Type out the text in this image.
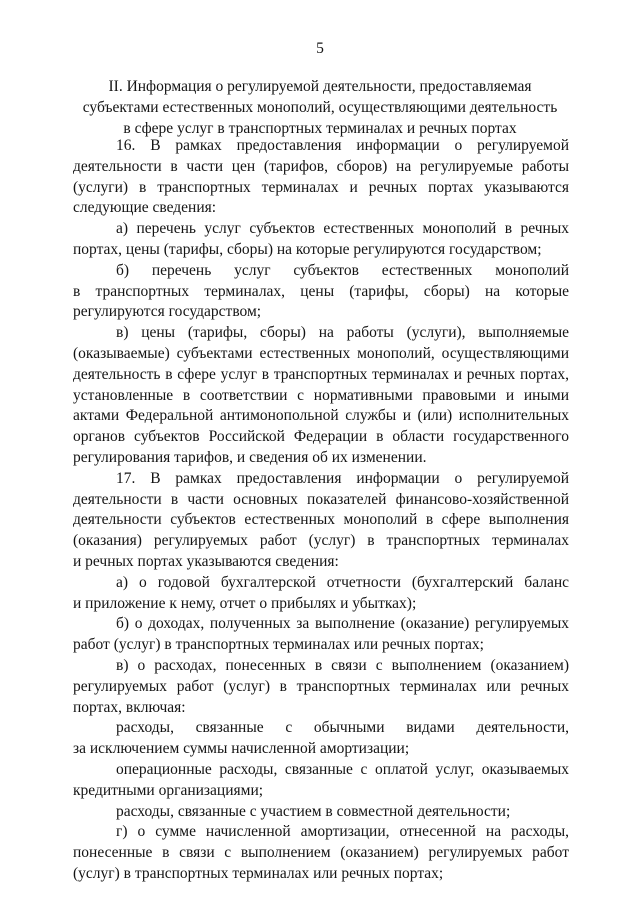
5
II. Информация о регулируемой деятельности, предоставляемая
субъектами естественных монополий, осуществляющими деятельность
в сфере услуг в транспортных терминалах и речных портах
16. В рамках предоставления информации о регулируемой
деятельности в части цен (тарифов, сборов) на регулируемые работы
(услуги) в транспортных терминалах и речных портах указываются
следующие сведения:
а) перечень услуг субъектов естественных монополий в речных
портах, цены (тарифы, сборы) на которые регулируются государством;
б) перечень услуг субъектов естественных монополий
в транспортных терминалах, цены (тарифы, сборы) на которые
регулируются государством;
в) цены (тарифы, сборы) на работы (услуги), выполняемые
(оказываемые) субъектами естественных монополий, осуществляющими
деятельность в сфере услуг в транспортных терминалах и речных портах,
установленные в соответствии с нормативными правовыми и иными
актами Федеральной антимонопольной службы и (или) исполнительных
органов субъектов Российской Федерации в области государственного
регулирования тарифов, и сведения об их изменении.
17. В рамках предоставления информации о регулируемой
деятельности в части основных показателей финансово-хозяйственной
деятельности субъектов естественных монополий в сфере выполнения
(оказания) регулируемых работ (услуг) в транспортных терминалах
и речных портах указываются сведения:
а) о годовой бухгалтерской отчетности (бухгалтерский баланс
и приложение к нему, отчет о прибылях и убытках);
б) о доходах, полученных за выполнение (оказание) регулируемых
работ (услуг) в транспортных терминалах или речных портах;
в) о расходах, понесенных в связи с выполнением (оказанием)
регулируемых работ (услуг) в транспортных терминалах или речных
портах, включая:
расходы, связанные с обычными видами деятельности,
за исключением суммы начисленной амортизации;
операционные расходы, связанные с оплатой услуг, оказываемых
кредитными организациями;
расходы, связанные с участием в совместной деятельности;
г) о сумме начисленной амортизации, отнесенной на расходы,
понесенные в связи с выполнением (оказанием) регулируемых работ
(услуг) в транспортных терминалах или речных портах;
